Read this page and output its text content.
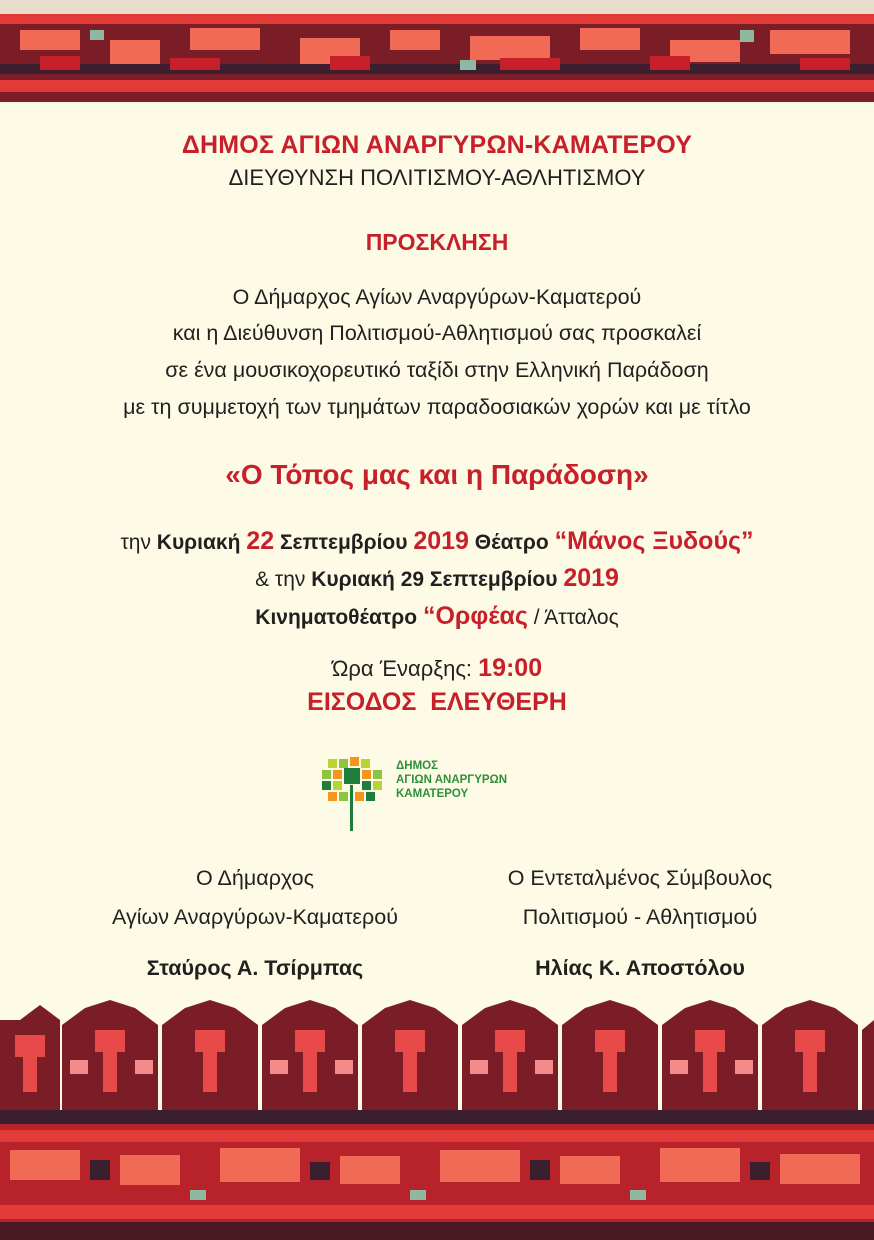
ΔΗΜΟΣ ΑΓΙΩΝ ΑΝΑΡΓΥΡΩΝ-ΚΑΜΑΤΕΡΟΥ
ΔΙΕΥΘΥΝΣΗ ΠΟΛΙΤΙΣΜΟΥ-ΑΘΛΗΤΙΣΜΟΥ
ΠΡΟΣΚΛΗΣΗ
Ο Δήμαρχος Αγίων Αναργύρων-Καματερού
και η Διεύθυνση Πολιτισμού-Αθλητισμού σας προσκαλεί
σε ένα μουσικοχορευτικό ταξίδι στην Ελληνική Παράδοση
με τη συμμετοχή των τμημάτων παραδοσιακών χορών και με τίτλο
«Ο Τόπος μας και η Παράδοση»
την Κυριακή 22 Σεπτεμβρίου 2019 Θέατρο “Μάνος Ξυδούς”
& την Κυριακή 29 Σεπτεμβρίου 2019
Κινηματοθέατρο “Ορφέας / Άτταλος
Ώρα Έναρξης: 19:00
ΕΙΣΟΔΟΣ  ΕΛΕΥΘΕΡΗ
ΔΗΜΟΣ
ΑΓΙΩΝ ΑΝΑΡΓΥΡΩΝ
ΚΑΜΑΤΕΡΟΥ
Ο Δήμαρχος
Αγίων Αναργύρων-Καματερού
Σταύρος Α. Τσίρμπας
Ο Εντεταλμένος Σύμβουλος
Πολιτισμού - Αθλητισμού
Ηλίας Κ. Αποστόλου
